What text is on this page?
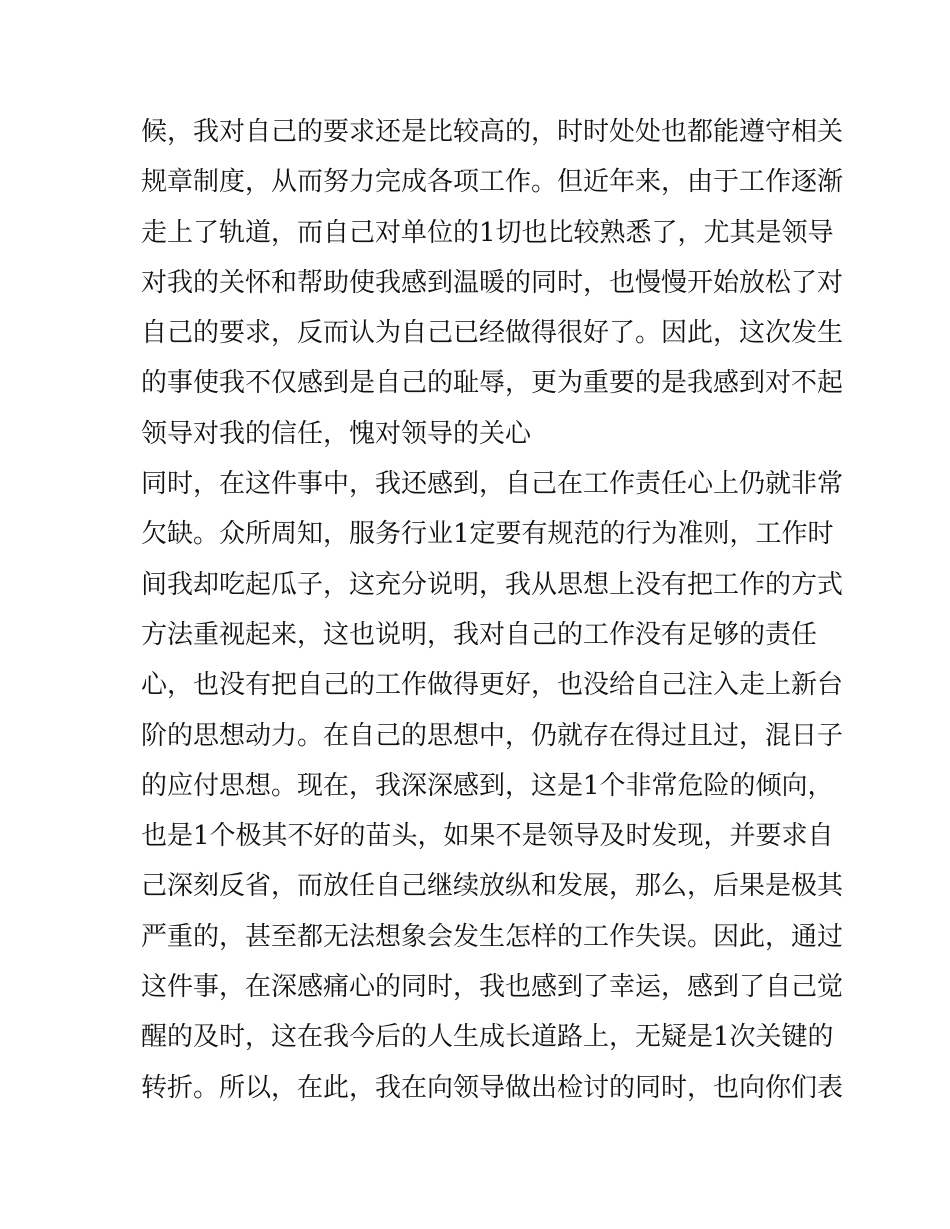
候，我对自己的要求还是比较高的，时时处处也都能遵守相关
规章制度，从而努力完成各项工作。但近年来，由于工作逐渐
走上了轨道，而自己对单位的1切也比较熟悉了，尤其是领导
对我的关怀和帮助使我感到温暖的同时，也慢慢开始放松了对
自己的要求，反而认为自己已经做得很好了。因此，这次发生
的事使我不仅感到是自己的耻辱，更为重要的是我感到对不起
领导对我的信任，愧对领导的关心
同时，在这件事中，我还感到，自己在工作责任心上仍就非常
欠缺。众所周知，服务行业1定要有规范的行为准则，工作时
间我却吃起瓜子，这充分说明，我从思想上没有把工作的方式
方法重视起来，这也说明，我对自己的工作没有足够的责任
心，也没有把自己的工作做得更好，也没给自己注入走上新台
阶的思想动力。在自己的思想中，仍就存在得过且过，混日子
的应付思想。现在，我深深感到，这是1个非常危险的倾向，
也是1个极其不好的苗头，如果不是领导及时发现，并要求自
己深刻反省，而放任自己继续放纵和发展，那么，后果是极其
严重的，甚至都无法想象会发生怎样的工作失误。因此，通过
这件事，在深感痛心的同时，我也感到了幸运，感到了自己觉
醒的及时，这在我今后的人生成长道路上，无疑是1次关键的
转折。所以，在此，我在向领导做出检讨的同时，也向你们表
